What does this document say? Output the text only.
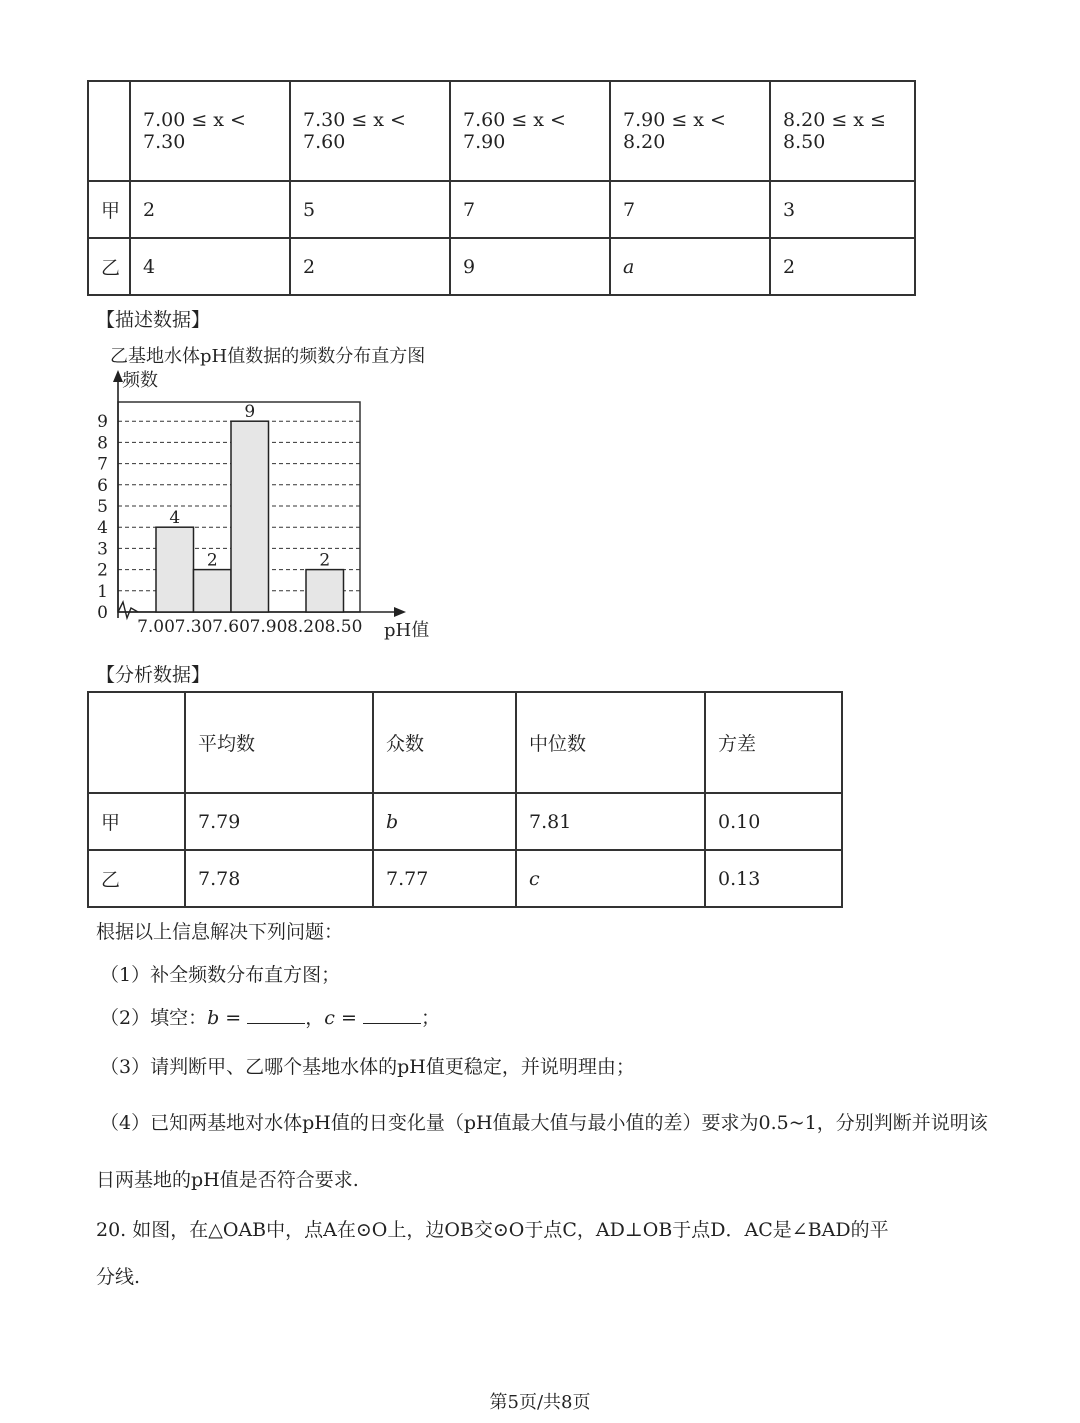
	7.00 ≤ x < 7.30	7.30 ≤ x < 7.60	7.60 ≤ x < 7.90	7.90 ≤ x < 8.20	8.20 ≤ x ≤ 8.50
甲	2	5	7	7	3
乙	4	2	9	a	2
【描述数据】
乙基地水体pH值数据的频数分布直方图
0
1
2
3
4
5
6
7
8
9
频数
pH值
7.00 7.30 7.60 7.90 8.20 8.50
4
2
9
2
【分析数据】
	平均数	众数	中位数	方差
甲	7.79	b	7.81	0.10
乙	7.78	7.77	c	0.13
根据以上信息解决下列问题：
（1）补全频数分布直方图；
（2）填空：b =	，c =	；
（3）请判断甲、乙哪个基地水体的pH值更稳定，并说明理由；
（4）已知两基地对水体pH值的日变化量（pH值最大值与最小值的差）要求为0.5~1，分别判断并说明该
日两基地的pH值是否符合要求.
20. 如图，在△OAB中，点A在⊙O上，边OB交⊙O于点C，AD⊥OB于点D．AC是∠BAD的平
分线.
第5页/共8页
